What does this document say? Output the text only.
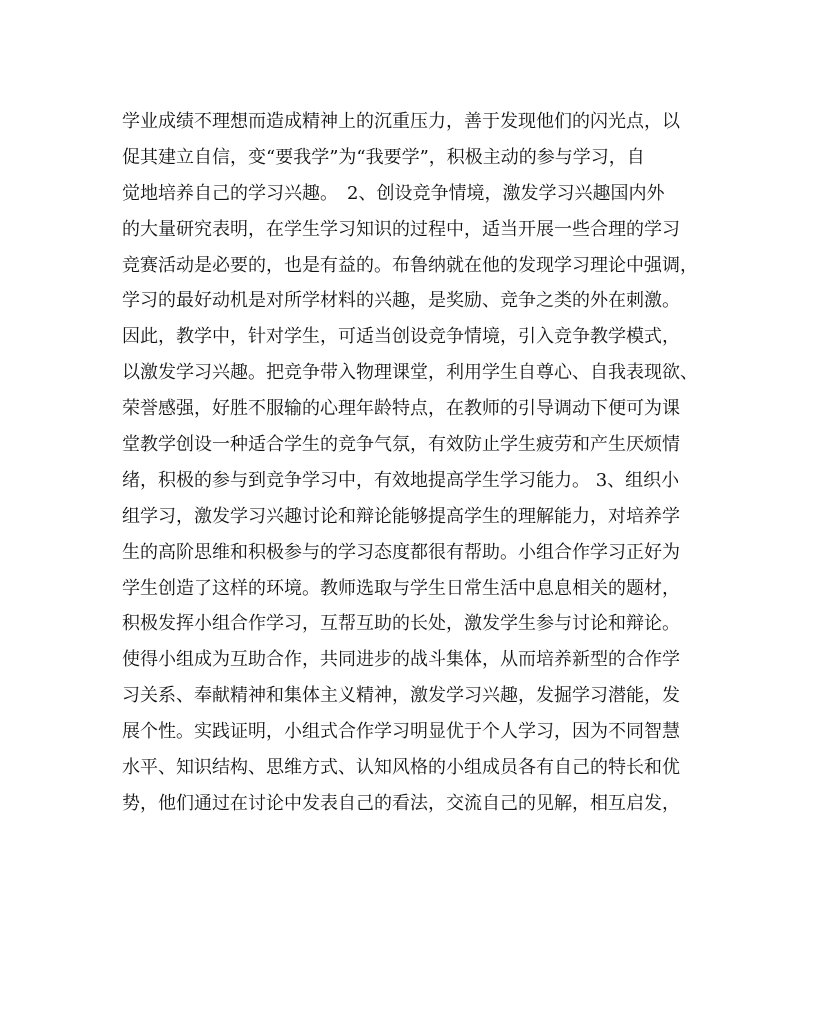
学业成绩不理想而造成精神上的沉重压力，善于发现他们的闪光点，以
促其建立自信，变“要我学”为“我要学”，积极主动的参与学习，自
觉地培养自己的学习兴趣。　2、创设竞争情境，激发学习兴趣国内外
的大量研究表明，在学生学习知识的过程中，适当开展一些合理的学习
竞赛活动是必要的，也是有益的。布鲁纳就在他的发现学习理论中强调，
学习的最好动机是对所学材料的兴趣，是奖励、竞争之类的外在刺激。
因此，教学中，针对学生，可适当创设竞争情境，引入竞争教学模式，
以激发学习兴趣。把竞争带入物理课堂，利用学生自尊心、自我表现欲、
荣誉感强，好胜不服输的心理年龄特点，在教师的引导调动下便可为课
堂教学创设一种适合学生的竞争气氛，有效防止学生疲劳和产生厌烦情
绪，积极的参与到竞争学习中，有效地提高学生学习能力。 3、组织小
组学习，激发学习兴趣讨论和辩论能够提高学生的理解能力，对培养学
生的高阶思维和积极参与的学习态度都很有帮助。小组合作学习正好为
学生创造了这样的环境。教师选取与学生日常生活中息息相关的题材，
积极发挥小组合作学习，互帮互助的长处，激发学生参与讨论和辩论。
使得小组成为互助合作，共同进步的战斗集体，从而培养新型的合作学
习关系、奉献精神和集体主义精神，激发学习兴趣，发掘学习潜能，发
展个性。实践证明，小组式合作学习明显优于个人学习，因为不同智慧
水平、知识结构、思维方式、认知风格的小组成员各有自己的特长和优
势，他们通过在讨论中发表自己的看法，交流自己的见解，相互启发，
